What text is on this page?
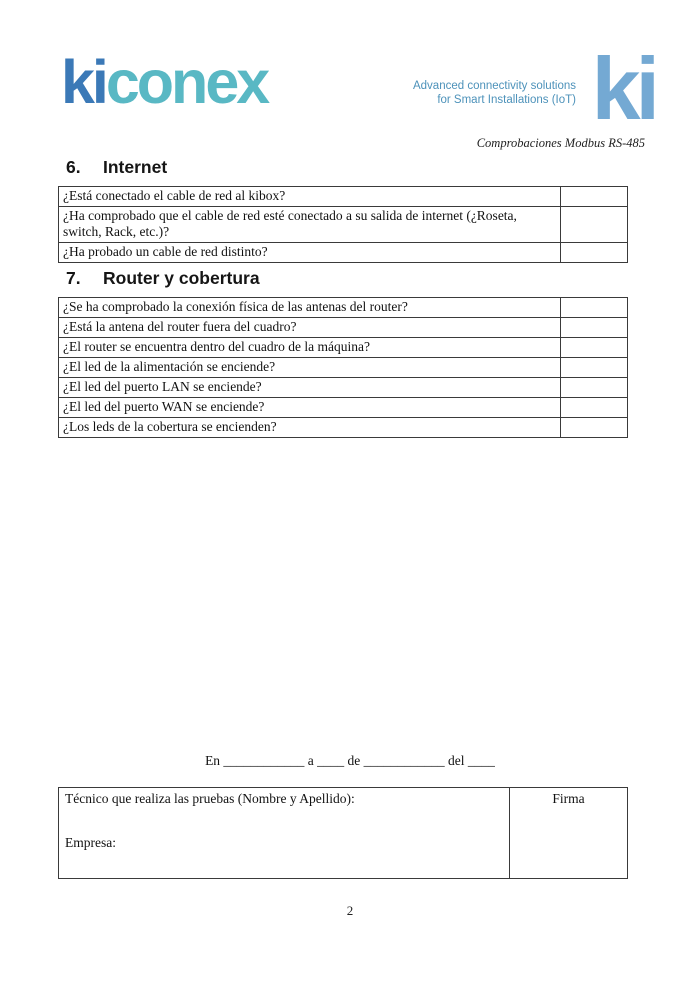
kiconex	Advanced connectivity solutions
for Smart Installations (IoT) ki
Comprobaciones Modbus RS-485
6. Internet
¿Está conectado el cable de red al kibox?	
¿Ha comprobado que el cable de red esté conectado a su salida de internet (¿Roseta, switch, Rack, etc.)?	
¿Ha probado un cable de red distinto?	
7. Router y cobertura
¿Se ha comprobado la conexión física de las antenas del router?	
¿Está la antena del router fuera del cuadro?	
¿El router se encuentra dentro del cuadro de la máquina?	
¿El led de la alimentación se enciende?	
¿El led del puerto LAN se enciende?	
¿El led del puerto WAN se enciende?	
¿Los leds de la cobertura se encienden?	
En ____________ a ____ de ____________ del ____
Técnico que realiza las pruebas (Nombre y Apellido):
Empresa:

Firma
2
